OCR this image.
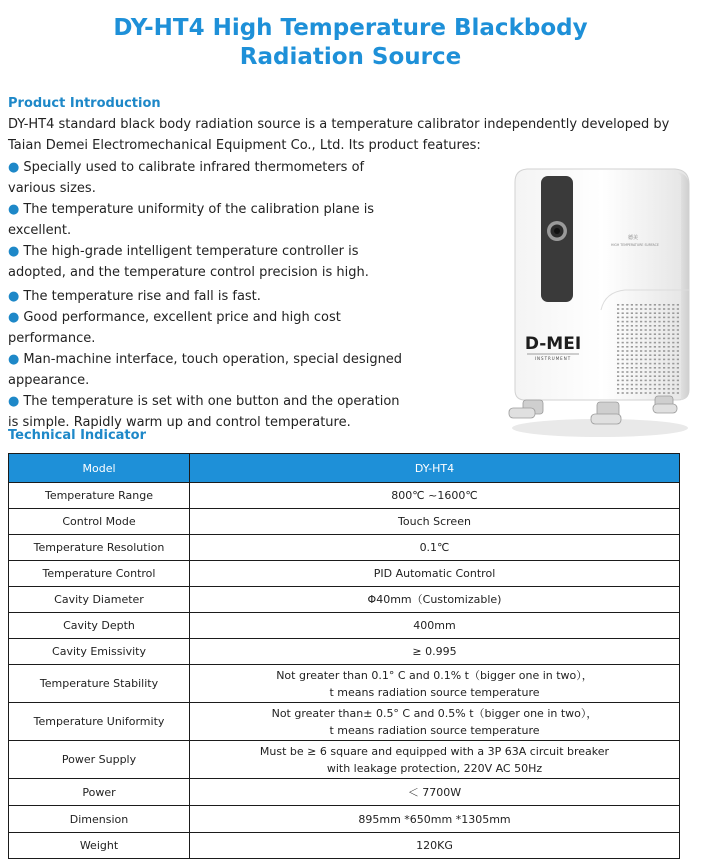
DY-HT4 High Temperature Blackbody
Radiation Source
Product Introduction
DY-HT4 standard black body radiation source is a temperature calibrator independently developed by Taian Demei Electromechanical Equipment Co., Ltd. Its product features:
● Specially used to calibrate infrared thermometers of various sizes.
● The temperature uniformity of the calibration plane is excellent.
● The high-grade intelligent temperature controller is adopted, and the temperature control precision is high.
● The temperature rise and fall is fast.
● Good performance, excellent price and high cost performance.
● Man-machine interface, touch operation, special designed appearance.
● The temperature is set with one button and the operation is simple. Rapidly warm up and control temperature.
德美
HIGH TEMPERATURE SURFACE
D-MEI
INSTRUMENT
Technical Indicator
Model	DY-HT4
Temperature Range	800℃ ~1600℃

Control Mode	Touch Screen

Temperature Resolution	0.1℃

Temperature Control	PID Automatic Control

Cavity Diameter	Φ40mm（Customizable)

Cavity Depth	400mm

Cavity Emissivity	≥ 0.995

Temperature Stability	Not greater than 0.1° C and 0.1% t（bigger one in two），
t means radiation source temperature

Temperature Uniformity	Not greater than± 0.5° C and 0.5% t（bigger one in two），
t means radiation source temperature

Power Supply	Must be ≥ 6 square and equipped with a 3P 63A circuit breaker
with leakage protection, 220V AC 50Hz

Power	＜ 7700W

Dimension	895mm *650mm *1305mm

Weight	120KG
